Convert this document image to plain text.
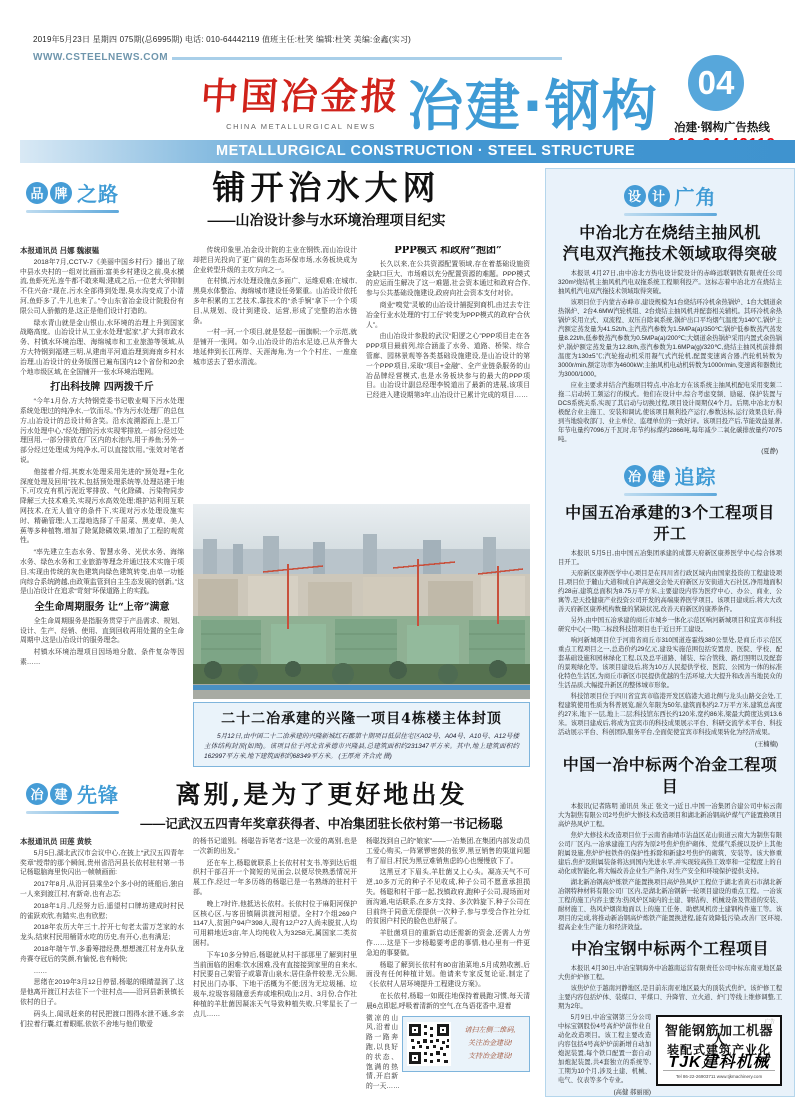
2019年5月23日 星期四 075期(总6995期) 电话: 010-64442119 值班主任:杜笑 编辑:杜笑 美编:金鑫(实习)
WWW.CSTEELNEWS.COM
中国冶金报
CHINA METALLURGICAL NEWS 冶建·钢构 04
冶建·钢构广告热线
METALLURGICAL CONSTRUCTION · STEEL STRUCTURE
品 牌 之路	铺开治水大网
——山冶设计参与水环境治理项目纪实

本报通讯员 吕娜 魏淑韫

2018年7月,CCTV-7《美丽中国乡村行》播出了琼中县水央村的一组对比画面:富美乡村建设之前,臭水横流,鱼虾死光,连牛都不敢来喝;建成之后,一位老大爷抑制不住兴奋:“现在,污水全部得到处理,臭水沟变成了小清河,鱼虾多了,牛儿也来了。”令山东省冶金设计院股份有限公司人骄傲的是,这正是他们设计打造的。

绿水青山就是金山银山,水环境的治理上升到国家战略高度。山冶设计从工业水处理“起家”,扩大到市政水务、村镇水环境治理、海绵城市和工业旅游等领域,从方大特钢到福建三明,从建南平河道治理到海南乡村水治理,山冶设计的业务版图已遍布国内12个省份和20余个地市级区域,在全国铺开一张水环境治理网。

打出科技牌 四两拨千斤

“今年1月份,方大特钢党委书记敬业喝下污水处理系统处理过的纯净水,一饮而尽。”作为污水处理厂的总包方,山冶设计的总设计师含笑。沿水流溯源而上,是工厂污水处理中心,“经处理的污水实现零排放,一部分经过处理回用,一部分排放在厂区内的水池内,用于养鱼;另外一部分经过处理成为纯净水,可以直接饮用。”张效对笔者说。

他接着介绍,其废水处理采用先进的“预处理+生化深度处理及回用”技术,包括预处理系统等,处理站建于地下,可攻克有机污泥近零排放、气化除磷、污染物同步降解三大技术难关,实现污水高效处理;维护站利用互联网技术,在无人值守的条件下,实现对污水处理设施实时、精确管理;人工湿地选择了千屈菜、黑麦草、美人蕉等多种植物,增加了除氮除磷效果,增加了工程的观赏性。

“率先建立生态水务、智慧水务、光伏水务、海绵水务、绿色水务和工业旅游等理念并通过技术实施于项目,实现由传统的灰色建筑向绿色建筑转变,由单一功能向综合系统跨越,由政策监管到自主生态发展的创新。”这是山冶设计在追求“苛刻”环保道路上的实践。

全生命周期服务 让“上帝”满意

全生命周期服务是指服务贯穿于产品需求、规划、设计、生产、经销、使用、直到回收再用处置的全生命周期中,这是山冶设计的服务理念。

村镇水环境治理项目因场地分散、条件复杂等因素……

传统印象里,冶金设计院的主业在钢铁,而山冶设计却把目光投向了更广阔的生态环保市场,水务板块成为企业转型升级的主攻方向之一。

在村镇,污水处理设施点多面广、运维艰难;在城市,黑臭水体整治、海绵城市建设任务繁重。山冶设计依托多年积累的工艺技术,靠技术的“杀手锏”拿下一个个项目,从规划、设计到建设、运营,形成了完整的治水链条。

一村一河,一个项目,就是竖起一面旗帜;一个示范,就是铺开一张网。如今,山冶设计的治水足迹,已从齐鲁大地延伸到长江两岸、天涯海角,为一个个村庄、一座座城市送去了碧水清流。

PPP模式 和政府“抱团”

长久以来,在公共资源配置领域,存在着基础设施资金缺口巨大、市场难以充分配置资源的难题。PPP模式的应运而生解决了这一难题,社会资本通过和政府合作,参与公共基础设施建设,政府向社会资本支付对价。

商业“嗅觉”灵敏的山冶设计捕捉到商机,由过去专注冶金行业水处理的“打工仔”转变为PPP模式的政府“合伙人”。

由山冶设计参股的武汉“阳逻之心”PPP项目走在各PPP项目最前列,综合涵盖了水务、道路、桥梁、综合管廊、园林景观等各类基础设施建设,是山冶设计的第一个PPP项目,采取“项目+金融”、全产业链条服务的山冶品牌经营模式,也是水务板块参与的最大的PPP项目。山冶设计副总经理李锐道出了最新的进展,该项目已经进入建设期第3年,山冶设计已累计完成的项目……

二十二冶承建的兴隆一项目4栋楼主体封顶
5月12日,由中国二十二冶承建的兴隆新城红石郡第十期项目低层住宅区A02号、A04号、A10号、A12号楼主体结构封顶(如图)。该项目位于河北省承德市兴隆县,总建筑面积约231347平方米。其中,地上建筑面积约162997平方米,地下建筑面积约68349平方米。 (王厚亮 齐合虎 摄)
冶 建 先锋	离别,是为了更好地出发
——记武汉五四青年奖章获得者、中冶集团驻长依村第一书记杨聪

本报通讯员 田莲 黄轶

5月5日,湖北武汉市会议中心,在披上“武汉五四青年奖章”绶带的那个瞬间,贵州省沿河县长依村驻村第一书记杨聪脑海里快闪出一帧帧画面:

2017年8月,从沿河县乘坐2个多小时的班船后,独自一人来到渡江村,有新奇,也有忐忑;

2018年1月,几经努力后,遥望村口牌坊建成时村民的雀跃欢欣,有踏实,也有欣慰;

2018年农历大年三十,拧开七旬老太雷万芝家的水龙头,结束村民用桶背水吃的历史,有开心,也有满足;

2018年端午节,多番筹措经费,想想渡江村龙舟队龙舟赛夺冠后的笑颜,有愉悦,也有畅快;

……

思绪在2019年3月12日停留,杨聪的眼睛湿润了,这是他离开渡江村去往下一个驻村点——沿河县新景镇长依村的日子。

码头上,闻讯赶来的村民把渡口围得水泄不通,乡亲们拉着行囊,红着眼眶,依依不舍地与他们敬爱

的杨书记道别。杨聪告诉笔者:“这是一次爱的离别,也是一次新的出发。”

还在车上,杨聪就联系上长依村村支书,等到达后组织村干部召开一个简短的见面会,以便尽快熟悉情况开展工作,经过一年多历练的杨聪已是一名熟练的驻村干部。

晚上7时许,他抵达长依村。长依村位于麻阳河保护区核心区,与客田镇隔洪渡河相望。全村7个组269户1147人,贫困户94户398人,现有12户27人尚未脱贫,人均可用耕地近3亩,年人均纯收入为3258元,属国家二类贫困村。

下车10多分钟后,杨聪就从村干部那里了解到村里当前面临的困难:饮水困难,没有直接接到家里的自来水,村民要自己架管子或靠背山泉水;居住条件较差,无公厕,村民出门办事、下地干活概为不便;因为无垃圾桶、垃圾车,垃圾容易随意丢弃或堆积成山;2月、3月份,合作社种植的羊肚菌因凝冻天气导致种植失败,只零星长了一点儿……

杨聪找到自己的“娘家”——一冶集团,在集团内部发动员工爱心购买,一阵紧锣密鼓的张罗,黑豆销售的渠道问题有了眉目,村民为黑豆难销焦虑的心也慢慢放下了。

这黑豆才下眉头,羊肚菌又上心头。凝冻天气不可逆,10多万元的种子不见收成,种子公司不愿意承担损失。杨聪和村干部一起,找镇政府,跑种子公司,现场面对面沟通,电话联系,在多方支持、多次斡旋下,种子公司在目前终于同意无偿提供一次种子,参与享受合作社分红的贫困户村民的脸色也舒展了。

羊肚菌项目的重新启动还需新的资金,还需人力劳作……这是下一步杨聪要考虑的事情,他心里有一件更急迫的事要做。

杨聪了解到长依村有80亩油菜地,5月成熟收割,后面没有任何种植计划。他请来专家反复论证,制定了《长依村人居环境提升工程建设方案》。

在长依村,杨聪一如既往地保持着晨跑习惯,每天清晨6点即起,呼吸着清新的空气,在鸟语花香中,迎着

请扫左侧二维码,
关注冶金建设!
支持冶金建设!

微凉的山风,沿着山路一路奔跑,以良好的状态、饱满的热情,开启新的一天……

设 计 广角
中冶北方在烧结主抽风机
汽电双汽拖技术领域取得突破

本报讯 4月27日,由中冶北方热电设计院设计的赤峰远联钢铁有限责任公司320m²烧结机主抽风机汽电双拖系统工程顺利投产。这标志着中冶北方在烧结主抽风机汽电双汽拖技术领域取得突破。

该项目位于内蒙古赤峰市,建设规模为1台烧结环冷机余热锅炉、1台大烟道余热锅炉、2台4.6MW汽轮机组、2台烧结主抽风机并配套相关辅机。其环冷机余热锅炉采用立式、双流程、双压自除氧系统,锅炉出口平均烟气温度为140℃,锅炉主汽额定蒸发量为41.52t/h,主汽蒸汽参数为1.5MPa(a)/350℃;锅炉低参数蒸汽蒸发量8.22t/h,低参数蒸汽参数为0.5MPa(a)/200℃;大烟道余热锅炉采用内置式余热锅炉,锅炉额定蒸发量为12.8t/h,蒸汽参数为1.6MPa(g)/320℃,烧结主抽风机前排烟温度为130±5℃;汽轮拖动机采用凝气式汽轮机,配置变速离合器,汽轮机转数为3000r/min,额定功率为4600kW;主抽风机电动机转数为1000r/min,变速离和器数比为3000/1000。

应业主要求并结合汽拖项目特点,中冶北方在该系统主抽风机配电采用变频二拖二启动转工频运行的模式。他们在设计中,综合考虑变频、励磁、保护装置与DCS系统关系,实现了其启动与切换过程,项目设计周期仅4个月。后期,中冶北方积极配合业主施工、安装和调试,使该项目顺利投产运行,参数达标,运行效果良好,得到当地验收部门、业主单位、监理单位的一致好评。该项目投产后,节能效益显著,年节电量约7096万千瓦时,年节约标煤约2866吨,每年减少二氧化碳排放量约7075吨。

(夏静)
冶 建 追踪
中国五冶承建的3个工程项目开工

本报讯 5月5日,由中国五冶集团承建的成都天府新区康养医学中心综合体项目开工。

天府新区康养医学中心项目是在四川省行政区域内由国家投资的工程建设项目,项目位于麓山大道和成自泸高速交会处天府新区万安街道大石社区,净用地面积约28亩,建筑总面积为8.75万平方米,主要建设内容为医疗中心、办公、商业、公寓等,是天投健康产业投资公司开发的高端康养医学项目。该项目建成后,将大大改善天府新区康养机构数量的紧缺状况,改善天府新区的康养条件。

另外,由中国五冶承建的商丘市城乡一体化示范区响河新城项目和宜宾市科技研究中心(一期)二标段科技馆项目也于近日开工建设。

响河新城项目位于河南省商丘市310国道连霍线380公里处,是商丘市示范区重点工程项目之一,总造价约29亿元,建设实施范围包括安置房、医院、学校、配套基础设施和园林绿化工程,以及总平道路、铺装、综合管线、路灯照明以及配套的景观绿化等。该项目建设后,将为10万人民提供学校、医院、公园为一体的标准化特色生活区,为商丘市新区市民提供优越的生活环境,大大提升和改善当地民众的生活品质,大幅提升新区的整体城市形象。

科技馆项目位于四川省宜宾市临港开发区临港大道北侧与龙头山路交会处,工程建筑使用性质为科普展览,耐久年限为50年,建筑面积约2.7万平方米,建筑总高度约27米,地下一层,地上二层;科技馆东西长约120米,宽约86米,梁最大跨度达到13.6米。该项目建成后,将成为宜宾市的科技成果展示平台、科研交流学术平台、科技活动展示平台、科创团队服务平台,全面促使宜宾市科技成果转化为经济成果。

(王楠楠)
中国一冶中标两个冶金工程项目

本报讯(记者陈明 通讯员 朱正 张文一)近日,中国一冶集团合建公司中标云南大为制焦有限公司2号焦炉大修技术改造项目和湖北新冶钢高炉煤气产能置换项目高炉热风炉工程。

焦炉大修技术改造项目位于云南省曲靖市沾益区花山街道云南大为制焦有限公司厂区内,一冶承建施工内容为原2号焦炉焦炉砌体、荒煤气系统以及炉上其他附属设施,焦炉炉柱铁件的保护性拆除和新建2号焦炉的砌筑、安装等。该大修重建后,焦炉及附属装备将达到国内先进水平,并实现较高热工效率和一定程度上的自动化或智能化,将大幅改善企业生产条件,对生产安全和环境保护提供支持。

湖北新冶钢高炉炼铁产能置换项目高炉热风炉工程位于湖北省黄石市湖北新冶钢特种材料有限公司厂区内,是湖北新冶钢新一轮项目建设的重点工程。一冶该工程的施工内容主要为:热风炉区域内的土建、钢结构、机械设备及管道的安装、耐材施工、热风炉烟囱地面以上的施工任务、助燃风机房土建钢构件施工等。该项目的完成,将推动新冶钢高炉炼铁产能置换进程,能有效降低污染,改善厂区环境,提高企业生产能力和经济效益。

中冶宝钢中标两个工程项目

本报讯 4月30日,中冶宝钢海外中冶越南运营有限责任公司中标东南亚地区最大焦炉炉修工程。

该焦炉位于越南河静地区,是目前东南亚地区最大的顶装式焦炉。该炉修工程主要内容包括炉体、装煤口、平煤口、升降管、立火道、炉门等线上维修调整,工期为2年。

广告
智能钢筋加工机器人
装配式建筑产业化
TJK建科机械
Tel 86-22-26903711 www.tjkmachinery.com

5月9日,中冶宝钢第三分公司中标宝钢股份4号高炉炉前作业自动化改造项目。该工程主要改造内容包括4号高炉炉前新增自动加炮泥装置,每个铁口配置一套自动加炮泥装置,共4套独立的系统等,工期为10个月,涉及土建、机械、电气、仪表等多个专业。

(高健 郝丽丽)
